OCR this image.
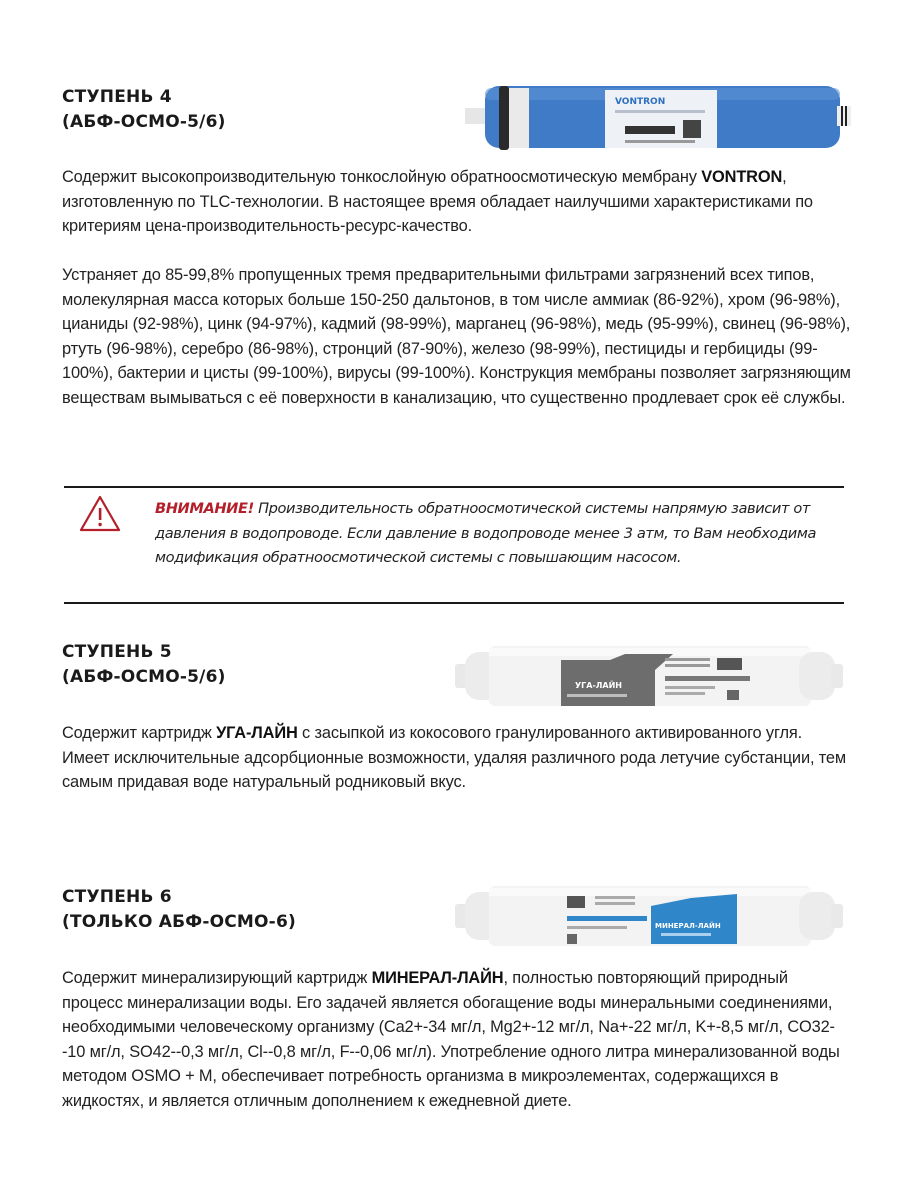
СТУПЕНЬ 4
(АБФ-ОСМО-5/6)
VONTRON
Содержит высокопроизводительную тонкослойную обратноосмотическую мембрану VONTRON, изготовленную по TLC-технологии. В настоящее время обладает наилучшими характеристиками по критериям цена-производительность-ресурс-качество.
Устраняет до 85-99,8% пропущенных тремя предварительными фильтрами загрязнений всех типов, молекулярная масса которых больше 150-250 дальтонов, в том числе аммиак (86-92%), хром (96-98%), цианиды (92-98%), цинк (94-97%), кадмий (98-99%), марганец (96-98%), медь (95-99%), свинец (96-98%), ртуть (96-98%), серебро (86-98%), стронций (87-90%), железо (98-99%), пестициды и гербициды (99-100%), бактерии и цисты (99-100%), вирусы (99-100%). Конструкция мембраны позволяет загрязняющим веществам вымываться с её поверхности в канализацию, что существенно продлевает срок её службы.
ВНИМАНИЕ! Производительность обратноосмотической системы напрямую зависит от давления в водопроводе. Если давление в водопроводе менее 3 атм, то Вам необходима модификация обратноосмотической системы с повышающим насосом.
СТУПЕНЬ 5
(АБФ-ОСМО-5/6)	УГА-ЛАЙН
Содержит картридж УГА-ЛАЙН с засыпкой из кокосового гранулированного активированного угля. Имеет исключительные адсорбционные возможности, удаляя различного рода летучие субстанции, тем самым придавая воде натуральный родниковый вкус.
СТУПЕНЬ 6
(ТОЛЬКО АБФ-ОСМО-6)	МИНЕРАЛ-ЛАЙН
Содержит минерализирующий картридж МИНЕРАЛ-ЛАЙН, полностью повторяющий природный процесс минерализации воды. Его задачей является обогащение воды минеральными соединениями, необходимыми человеческому организму (Ca2+-34 мг/л, Mg2+-12 мг/л, Na+-22 мг/л, K+-8,5 мг/л, CO32--10 мг/л, SO42--0,3 мг/л, Cl--0,8 мг/л, F--0,06 мг/л). Употребление одного литра минерализованной воды методом OSMO + M, обеспечивает потребность организма в микроэлементах, содержащихся в жидкостях, и является отличным дополнением к ежедневной диете.
